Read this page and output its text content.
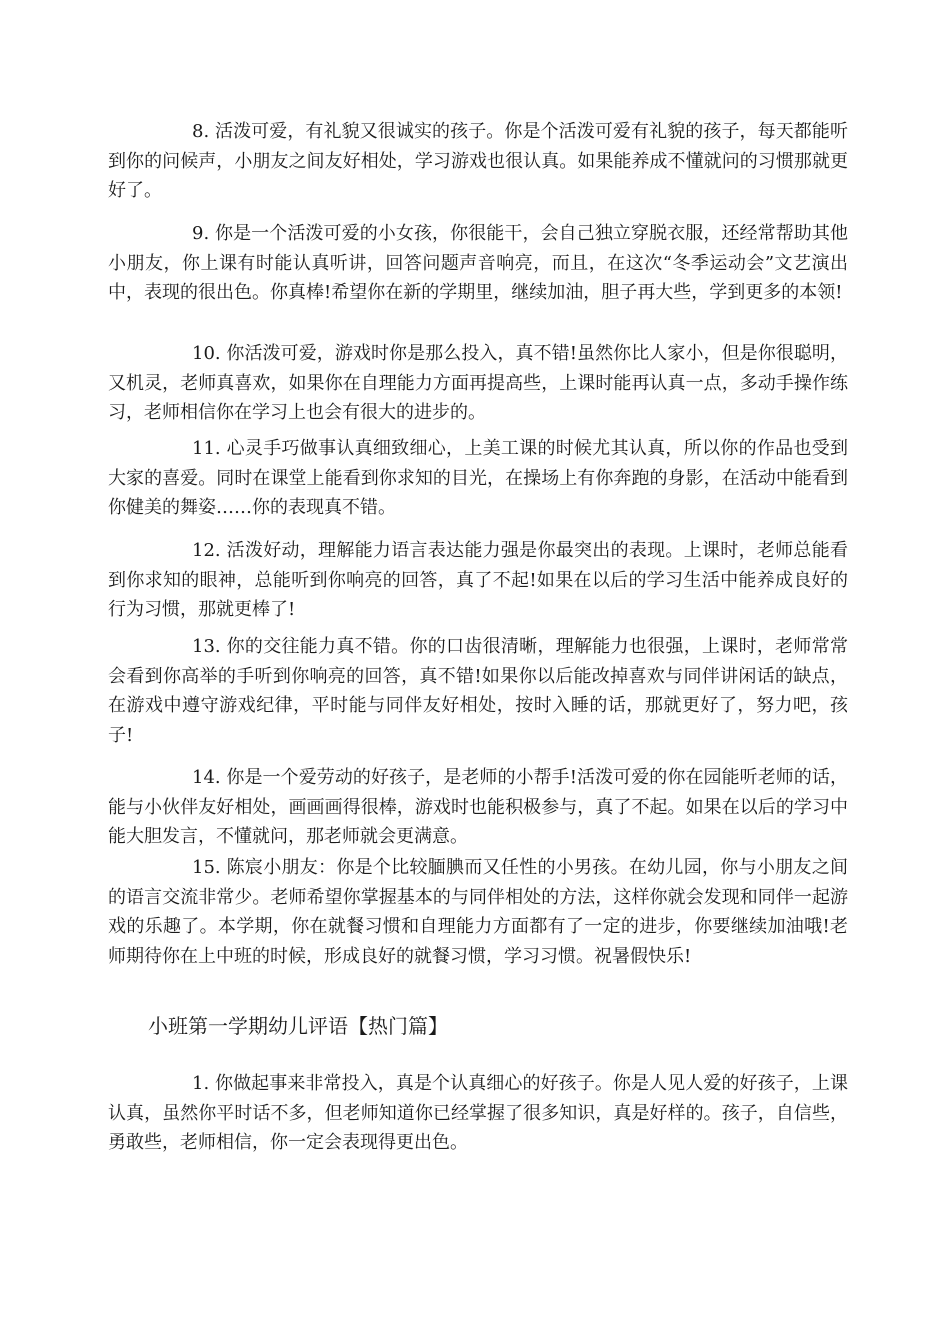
8. 活泼可爱，有礼貌又很诚实的孩子。你是个活泼可爱有礼貌的孩子，每天都能听到你的问候声，小朋友之间友好相处，学习游戏也很认真。如果能养成不懂就问的习惯那就更好了。

9. 你是一个活泼可爱的小女孩，你很能干，会自己独立穿脱衣服，还经常帮助其他小朋友，你上课有时能认真听讲，回答问题声音响亮，而且，在这次“冬季运动会”文艺演出中，表现的很出色。你真棒!希望你在新的学期里，继续加油，胆子再大些，学到更多的本领!

10. 你活泼可爱，游戏时你是那么投入，真不错!虽然你比人家小，但是你很聪明，又机灵，老师真喜欢，如果你在自理能力方面再提高些，上课时能再认真一点，多动手操作练习，老师相信你在学习上也会有很大的进步的。

11. 心灵手巧做事认真细致细心，上美工课的时候尤其认真，所以你的作品也受到大家的喜爱。同时在课堂上能看到你求知的目光，在操场上有你奔跑的身影，在活动中能看到你健美的舞姿……你的表现真不错。

12. 活泼好动，理解能力语言表达能力强是你最突出的表现。上课时，老师总能看到你求知的眼神，总能听到你响亮的回答，真了不起!如果在以后的学习生活中能养成良好的行为习惯，那就更棒了!

13. 你的交往能力真不错。你的口齿很清晰，理解能力也很强，上课时，老师常常会看到你高举的手听到你响亮的回答，真不错!如果你以后能改掉喜欢与同伴讲闲话的缺点，在游戏中遵守游戏纪律，平时能与同伴友好相处，按时入睡的话，那就更好了，努力吧，孩子!

14. 你是一个爱劳动的好孩子，是老师的小帮手!活泼可爱的你在园能听老师的话，能与小伙伴友好相处，画画画得很棒，游戏时也能积极参与，真了不起。如果在以后的学习中能大胆发言，不懂就问，那老师就会更满意。

15. 陈宸小朋友：你是个比较腼腆而又任性的小男孩。在幼儿园，你与小朋友之间的语言交流非常少。老师希望你掌握基本的与同伴相处的方法，这样你就会发现和同伴一起游戏的乐趣了。本学期，你在就餐习惯和自理能力方面都有了一定的进步，你要继续加油哦!老师期待你在上中班的时候，形成良好的就餐习惯，学习习惯。祝暑假快乐!

小班第一学期幼儿评语【热门篇】

1. 你做起事来非常投入，真是个认真细心的好孩子。你是人见人爱的好孩子，上课认真，虽然你平时话不多，但老师知道你已经掌握了很多知识，真是好样的。孩子，自信些，勇敢些，老师相信，你一定会表现得更出色。
